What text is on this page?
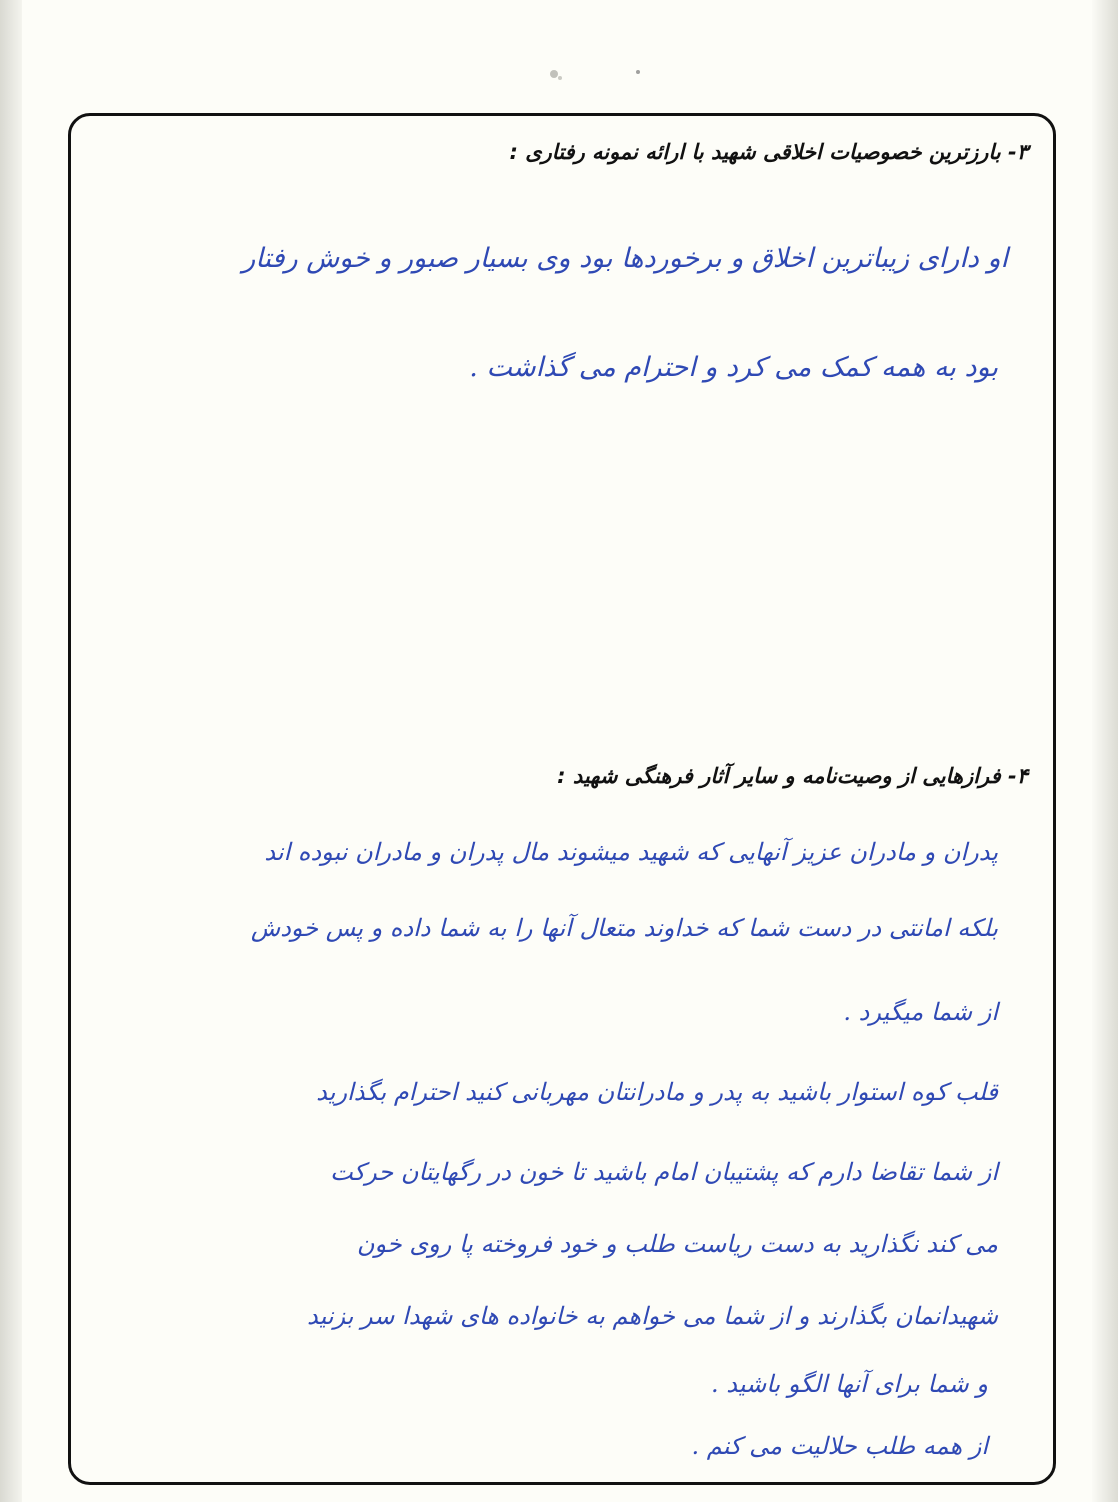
۳- بارزترین خصوصیات اخلاقی شهید با ارائه نمونه رفتاری :
او دارای زیباترین اخلاق و برخوردها بود وی بسیار صبور و خوش رفتار
بود به همه کمک می کرد و احترام می گذاشت .
۴- فرازهایی از وصیت‌نامه و سایر آثار فرهنگی شهید :
پدران و مادران عزیز آنهایی که شهید میشوند مال پدران و مادران نبوده اند
بلکه امانتی در دست شما که خداوند متعال آنها را به شما داده و پس خودش
از شما میگیرد .
قلب کوه استوار باشید به پدر و مادرانتان مهربانی کنید احترام بگذارید
از شما تقاضا دارم که پشتیبان امام باشید تا خون در رگهایتان حرکت
می کند نگذارید به دست ریاست طلب و خود فروخته پا روی خون
شهیدانمان بگذارند و از شما می خواهم به خانواده های شهدا سر بزنید
و شما برای آنها الگو باشید .
از همه طلب حلالیت می کنم .
